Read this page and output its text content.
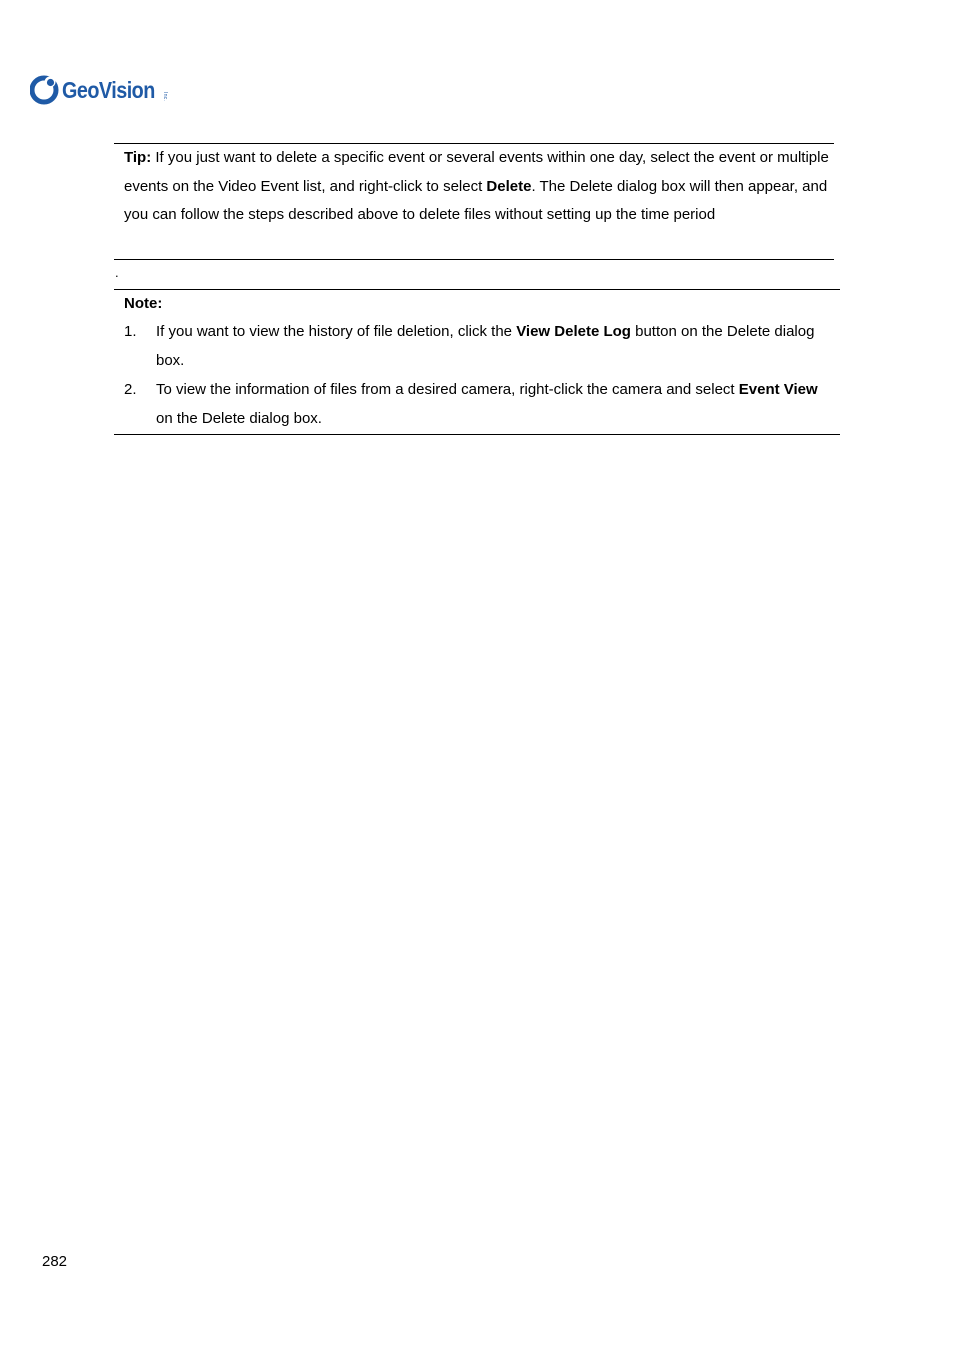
GeoVision Inc.
Tip: If you just want to delete a specific event or several events within one day, select the event or multiple events on the Video Event list, and right-click to select Delete. The Delete dialog box will then appear, and you can follow the steps described above to delete files without setting up the time period
.
Note:
1. If you want to view the history of file deletion, click the View Delete Log button on the Delete dialog box.
2. To view the information of files from a desired camera, right-click the camera and select Event View on the Delete dialog box.
282
